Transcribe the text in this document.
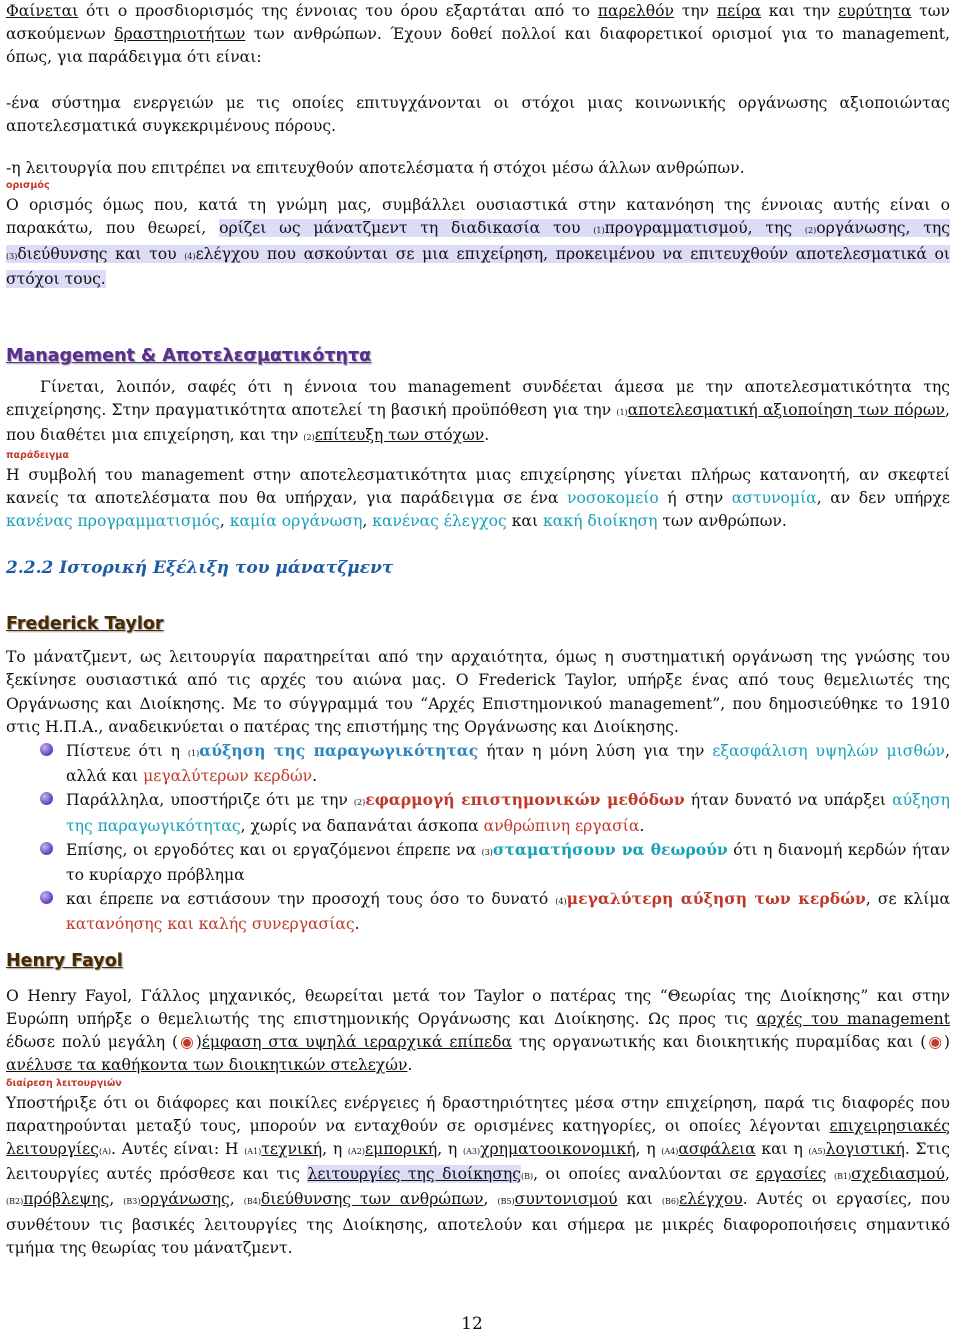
Φαίνεται ότι ο προσδιορισμός της έννοιας του όρου εξαρτάται από το παρελθόν την πείρα και την ευρύτητα των ασκούμενων δραστηριοτήτων των ανθρώπων. Έχουν δοθεί πολλοί και διαφορετικοί ορισμοί για το management, όπως, για παράδειγμα ότι είναι:

-ένα σύστημα ενεργειών με τις οποίες επιτυγχάνονται οι στόχοι μιας κοινωνικής οργάνωσης αξιοποιώντας αποτελεσματικά συγκεκριμένους πόρους.

-η λειτουργία που επιτρέπει να επιτευχθούν αποτελέσματα ή στόχοι μέσω άλλων ανθρώπων.

ορισμός

Ο ορισμός όμως που, κατά τη γνώμη μας, συμβάλλει ουσιαστικά στην κατανόηση της έννοιας αυτής είναι ο παρακάτω, που θεωρεί, ορίζει ως μάνατζμεντ τη διαδικασία του (1)προγραμματισμού, της (2)οργάνωσης, της (3)διεύθυνσης και του (4)ελέγχου που ασκούνται σε μια επιχείρηση, προκειμένου να επιτευχθούν αποτελεσματικά οι στόχοι τους.

Management & Αποτελεσματικότητα

Γίνεται, λοιπόν, σαφές ότι η έννοια του management συνδέεται άμεσα με την αποτελεσματικότητα της επιχείρησης. Στην πραγματικότητα αποτελεί τη βασική προϋπόθεση για την (1)αποτελεσματική αξιοποίηση των πόρων, που διαθέτει μια επιχείρηση, και την (2)επίτευξη των στόχων.

παράδειγμα

Η συμβολή του management στην αποτελεσματικότητα μιας επιχείρησης γίνεται πλήρως κατανοητή, αν σκεφτεί κανείς τα αποτελέσματα που θα υπήρχαν, για παράδειγμα σε ένα νοσοκομείο ή στην αστυνομία, αν δεν υπήρχε κανένας προγραμματισμός, καμία οργάνωση, κανένας έλεγχος και κακή διοίκηση των ανθρώπων.

2.2.2 Ιστορική Εξέλιξη του μάνατζμεντ
Frederick Taylor

Το μάνατζμεντ, ως λειτουργία παρατηρείται από την αρχαιότητα, όμως η συστηματική οργάνωση της γνώσης του ξεκίνησε ουσιαστικά από τις αρχές του αιώνα μας. Ο Frederick Taylor, υπήρξε ένας από τους θεμελιωτές της Οργάνωσης και Διοίκησης. Με το σύγγραμμά του “Αρχές Επιστημονικού management”, που δημοσιεύθηκε το 1910 στις Η.Π.Α., αναδεικνύεται ο πατέρας της επιστήμης της Οργάνωσης και Διοίκησης.

Πίστευε ότι η (1)αύξηση της παραγωγικότητας ήταν η μόνη λύση για την εξασφάλιση υψηλών μισθών, αλλά και μεγαλύτερων κερδών.

Παράλληλα, υποστήριζε ότι με την (2)εφαρμογή επιστημονικών μεθόδων ήταν δυνατό να υπάρξει αύξηση της παραγωγικότητας, χωρίς να δαπανάται άσκοπα ανθρώπινη εργασία.

Επίσης, οι εργοδότες και οι εργαζόμενοι έπρεπε να (3)σταματήσουν να θεωρούν ότι η διανομή κερδών ήταν το κυρίαρχο πρόβλημα

και έπρεπε να εστιάσουν την προσοχή τους όσο το δυνατό (4)μεγαλύτερη αύξηση των κερδών, σε κλίμα κατανόησης και καλής συνεργασίας.

Henry Fayol

Ο Henry Fayol, Γάλλος μηχανικός, θεωρείται μετά τον Taylor ο πατέρας της “Θεωρίας της Διοίκησης” και στην Ευρώπη υπήρξε ο θεμελιωτής της επιστημονικής Οργάνωσης και Διοίκησης. Ως προς τις αρχές του management έδωσε πολύ μεγάλη (◉)έμφαση στα υψηλά ιεραρχικά επίπεδα της οργανωτικής και διοικητικής πυραμίδας και (◉) ανέλυσε τα καθήκοντα των διοικητικών στελεχών.

διαίρεση λειτουργιών

Υποστήριξε ότι οι διάφορες και ποικίλες ενέργειες ή δραστηριότητες μέσα στην επιχείρηση, παρά τις διαφορές που παρατηρούνται μεταξύ τους, μπορούν να ενταχθούν σε ορισμένες κατηγορίες, οι οποίες λέγονται επιχειρησιακές λειτουργίες(A). Αυτές είναι: Η (A1)τεχνική, η (A2)εμπορική, η (A3)χρηματοοικονομική, η (A4)ασφάλεια και η (A5)λογιστική. Στις λειτουργίες αυτές πρόσθεσε και τις λειτουργίες της διοίκησης(B), οι οποίες αναλύονται σε εργασίες (B1)σχεδιασμού, (B2)πρόβλεψης, (B3)οργάνωσης, (B4)διεύθυνσης των ανθρώπων, (B5)συντονισμού και (B6)ελέγχου. Αυτές οι εργασίες, που συνθέτουν τις βασικές λειτουργίες της Διοίκησης, αποτελούν και σήμερα με μικρές διαφοροποιήσεις σημαντικό τμήμα της θεωρίας του μάνατζμεντ.

12
